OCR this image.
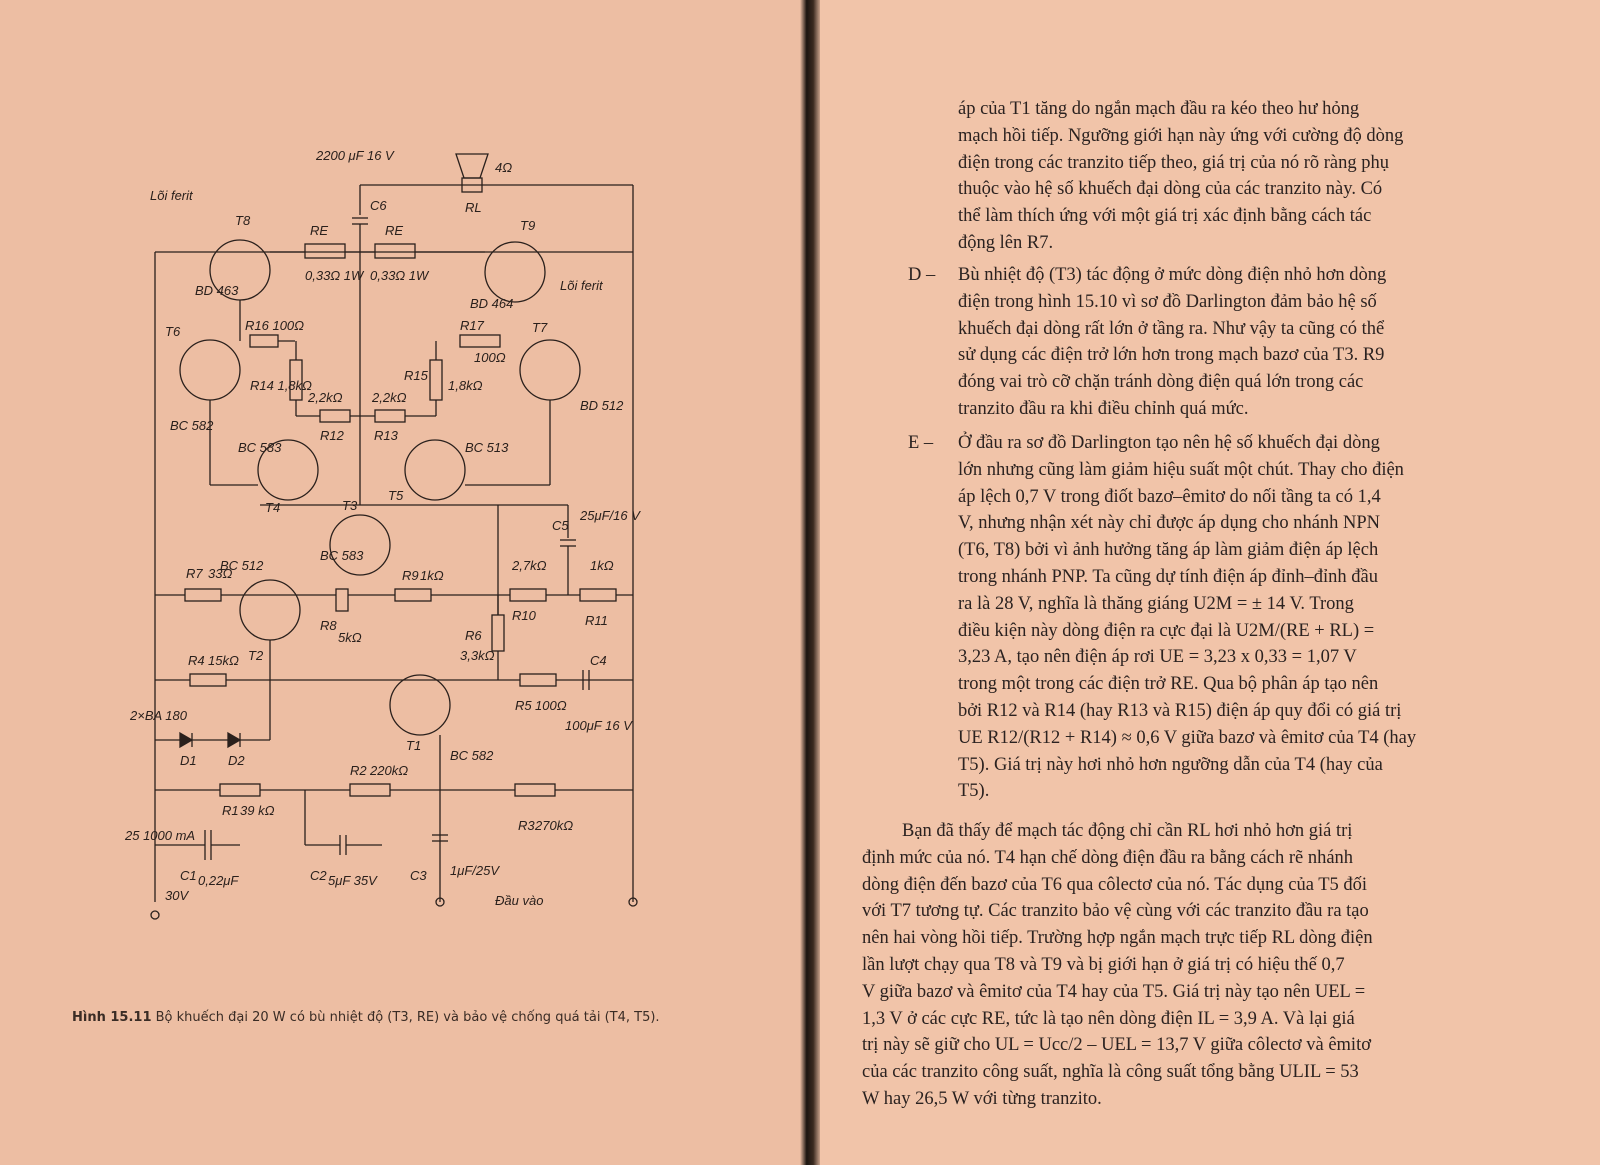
T8	T9
T6	T7
T4
T5
T3
T2
T1
BD 463
BD 464
BC 582
BD 512
BC 583	BC 513
BC 583
BC 512
BC 582
Lõi ferit
Lõi ferit
RE	RE
0,33Ω 1W 0,33Ω 1W
C6
2200 μF 16 V
RL
4Ω
R16 100Ω	R17
100Ω
R14 1,8kΩ
2,2kΩ
R12
2,2kΩ
R13
R15
1,8kΩ
C5
25μF/16 V
R7 33Ω	R9 1kΩ
R8
5kΩ
R10
2,7kΩ
R11
1kΩ
R4 15kΩ
R6
3,3kΩ
R5 100Ω
C4
100μF 16 V
2×BA 180
D1 D2
R2 220kΩ
R1 39 kΩ
R3 270kΩ
C1 0,22μF	C2 5μF 35V	C3 1μF/25V
25 1000 mA
30V	Đầu vào
Hình 15.11 Bộ khuếch đại 20 W có bù nhiệt độ (T3, RE) và bảo vệ chống quá tải (T4, T5).
áp của T1 tăng do ngắn mạch đầu ra kéo theo hư hỏng
mạch hồi tiếp. Ngưỡng giới hạn này ứng với cường độ dòng
điện trong các tranzito tiếp theo, giá trị của nó rõ ràng phụ
thuộc vào hệ số khuếch đại dòng của các tranzito này. Có
thể làm thích ứng với một giá trị xác định bằng cách tác
động lên R7.
D – Bù nhiệt độ (T3) tác động ở mức dòng điện nhỏ hơn dòng
điện trong hình 15.10 vì sơ đồ Darlington đảm bảo hệ số
khuếch đại dòng rất lớn ở tầng ra. Như vậy ta cũng có thể
sử dụng các điện trở lớn hơn trong mạch bazơ của T3. R9
đóng vai trò cỡ chặn tránh dòng điện quá lớn trong các
tranzito đầu ra khi điều chỉnh quá mức.
E – Ở đầu ra sơ đồ Darlington tạo nên hệ số khuếch đại dòng
lớn nhưng cũng làm giảm hiệu suất một chút. Thay cho điện
áp lệch 0,7 V trong điốt bazơ–êmitơ do nối tầng ta có 1,4
V, nhưng nhận xét này chỉ được áp dụng cho nhánh NPN
(T6, T8) bởi vì ảnh hưởng tăng áp làm giảm điện áp lệch
trong nhánh PNP. Ta cũng dự tính điện áp đỉnh–đỉnh đầu
ra là 28 V, nghĩa là thăng giáng U2M = ± 14 V. Trong
điều kiện này dòng điện ra cực đại là U2M/(RE + RL) =
3,23 A, tạo nên điện áp rơi UE = 3,23 x 0,33 = 1,07 V
trong một trong các điện trở RE. Qua bộ phân áp tạo nên
bởi R12 và R14 (hay R13 và R15) điện áp quy đổi có giá trị
UE R12/(R12 + R14) ≈ 0,6 V giữa bazơ và êmitơ của T4 (hay
T5). Giá trị này hơi nhỏ hơn ngưỡng dẫn của T4 (hay của
T5).
Bạn đã thấy để mạch tác động chỉ cần RL hơi nhỏ hơn giá trị
định mức của nó. T4 hạn chế dòng điện đầu ra bằng cách rẽ nhánh
dòng điện đến bazơ của T6 qua côlectơ của nó. Tác dụng của T5 đối
với T7 tương tự. Các tranzito bảo vệ cùng với các tranzito đầu ra tạo
nên hai vòng hồi tiếp. Trường hợp ngắn mạch trực tiếp RL dòng điện
lần lượt chạy qua T8 và T9 và bị giới hạn ở giá trị có hiệu thế 0,7
V giữa bazơ và êmitơ của T4 hay của T5. Giá trị này tạo nên UEL =
1,3 V ở các cực RE, tức là tạo nên dòng điện IL = 3,9 A. Và lại giá
trị này sẽ giữ cho UL = Ucc/2 – UEL = 13,7 V giữa côlectơ và êmitơ
của các tranzito công suất, nghĩa là công suất tổng bằng ULIL = 53
W hay 26,5 W với từng tranzito.
